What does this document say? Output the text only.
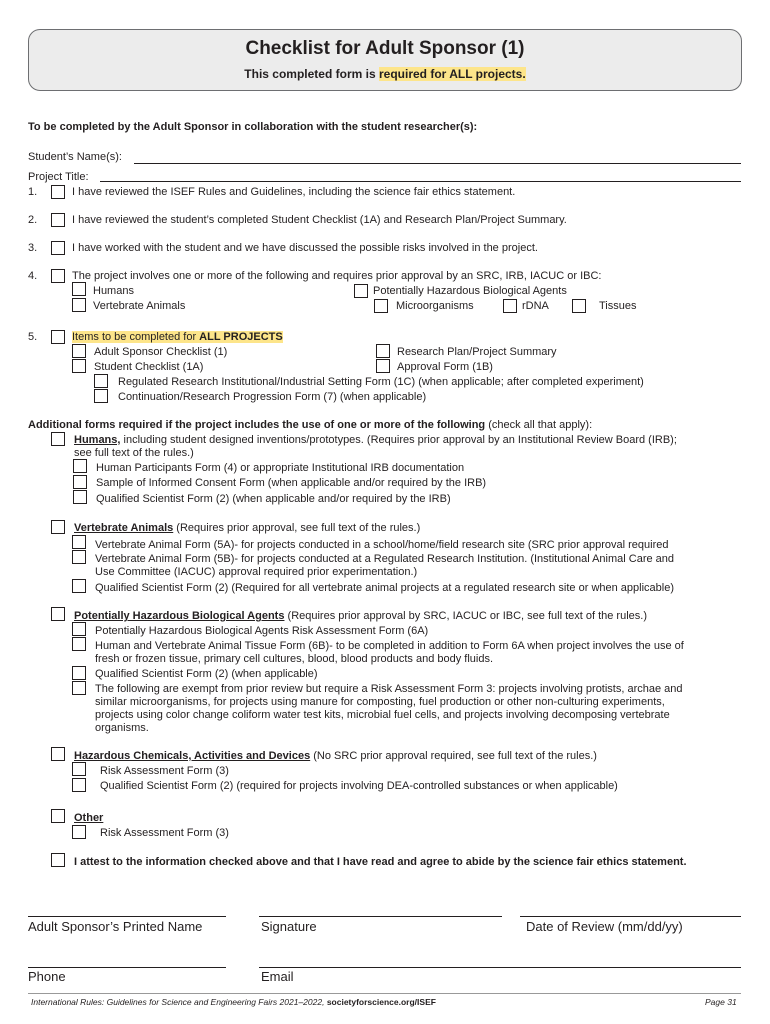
Checklist for Adult Sponsor (1)
This completed form is required for ALL projects.
To be completed by the Adult Sponsor in collaboration with the student researcher(s):
Student’s Name(s):
Project Title:
1.	I have reviewed the ISEF Rules and Guidelines, including the science fair ethics statement.
2.	I have reviewed the student’s completed Student Checklist (1A) and Research Plan/Project Summary.
3.	I have worked with the student and we have discussed the possible risks involved in the project.
4.	The project involves one or more of the following and requires prior approval by an SRC, IRB, IACUC or IBC:
Humans	Potentially Hazardous Biological Agents
Vertebrate Animals	Microorganisms	rDNA	Tissues
5.	Items to be completed for ALL PROJECTS
Adult Sponsor Checklist (1)	Research Plan/Project Summary
Student Checklist (1A)	Approval Form (1B)
Regulated Research Institutional/Industrial Setting Form (1C) (when applicable; after completed experiment)
Continuation/Research Progression Form (7) (when applicable)
Additional forms required if the project includes the use of one or more of the following (check all that apply):
Humans, including student designed inventions/prototypes. (Requires prior approval by an Institutional Review Board (IRB);
see full text of the rules.)
Human Participants Form (4) or appropriate Institutional IRB documentation
Sample of Informed Consent Form (when applicable and/or required by the IRB)
Qualified Scientist Form (2) (when applicable and/or required by the IRB)
Vertebrate Animals (Requires prior approval, see full text of the rules.)
Vertebrate Animal Form (5A)- for projects conducted in a school/home/field research site (SRC prior approval required
Vertebrate Animal Form (5B)- for projects conducted at a Regulated Research Institution. (Institutional Animal Care and
Use Committee (IACUC) approval required prior experimentation.)
Qualified Scientist Form (2) (Required for all vertebrate animal projects at a regulated research site or when applicable)
Potentially Hazardous Biological Agents (Requires prior approval by SRC, IACUC or IBC, see full text of the rules.)
Potentially Hazardous Biological Agents Risk Assessment Form (6A)
Human and Vertebrate Animal Tissue Form (6B)- to be completed in addition to Form 6A when project involves the use of
fresh or frozen tissue, primary cell cultures, blood, blood products and body fluids.
Qualified Scientist Form (2) (when applicable)
The following are exempt from prior review but require a Risk Assessment Form 3: projects involving protists, archae and
similar microorganisms, for projects using manure for composting, fuel production or other non-culturing experiments,
projects using color change coliform water test kits, microbial fuel cells, and projects involving decomposing vertebrate
organisms.
Hazardous Chemicals, Activities and Devices (No SRC prior approval required, see full text of the rules.)
Risk Assessment Form (3)
Qualified Scientist Form (2) (required for projects involving DEA-controlled substances or when applicable)
Other
Risk Assessment Form (3)
I attest to the information checked above and that I have read and agree to abide by the science fair ethics statement.
Adult Sponsor’s Printed Name	Signature	Date of Review (mm/dd/yy)
Phone	Email
International Rules: Guidelines for Science and Engineering Fairs 2021–2022, societyforscience.org/ISEF	Page 31
